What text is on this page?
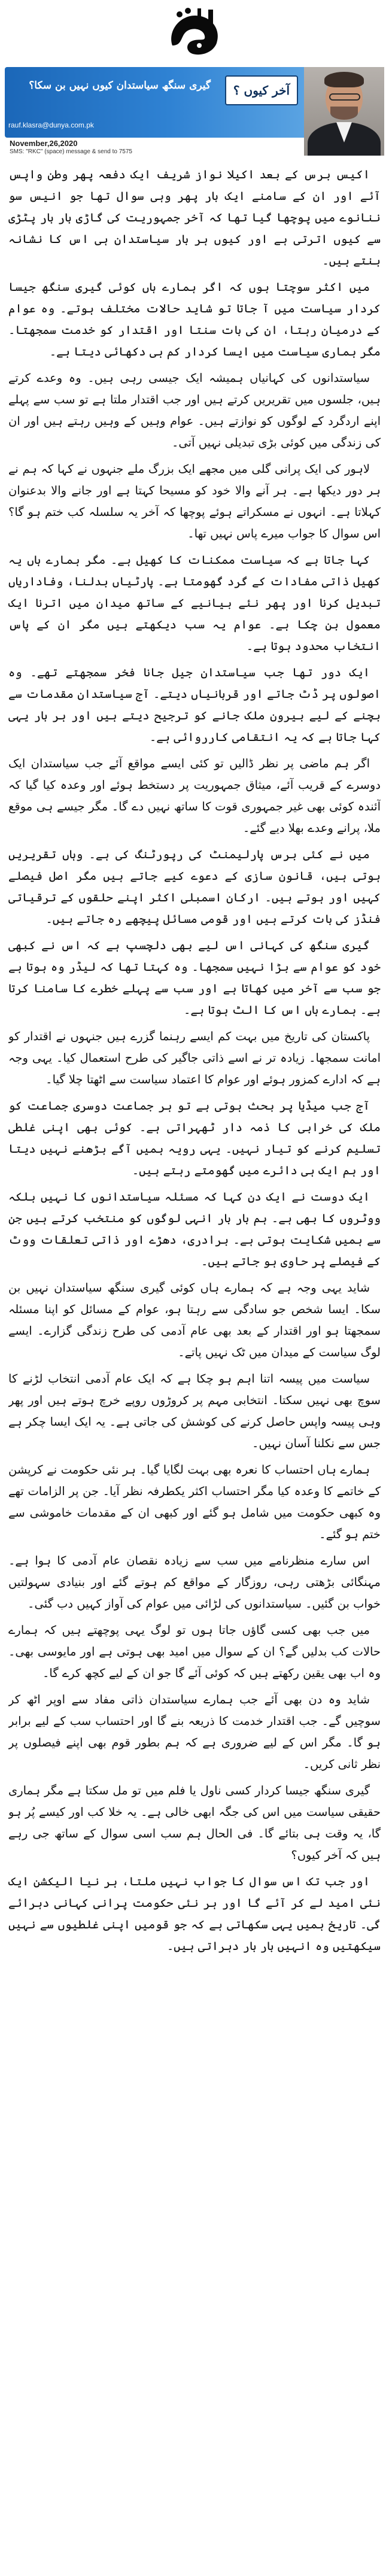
آخر کیوں ؟
گیری سنگھ سیاستدان کیوں نہیں بن سکا؟
rauf.klasra@dunya.com.pk
November,26,2020
SMS: "RKC" (space) message & send to 7575

اکیس برس کے بعد اکیلا نواز شریف ایک دفعہ پھر وطن واپس آئے اور ان کے سامنے ایک بار پھر وہی سوال تھا جو انیس سو ننانوے میں پوچھا گیا تھا کہ آخر جمہوریت کی گاڑی بار بار پٹڑی سے کیوں اترتی ہے اور کیوں ہر بار سیاستدان ہی اس کا نشانہ بنتے ہیں۔

میں اکثر سوچتا ہوں کہ اگر ہمارے ہاں کوئی گیری سنگھ جیسا کردار سیاست میں آ جاتا تو شاید حالات مختلف ہوتے۔ وہ عوام کے درمیان رہتا، ان کی بات سنتا اور اقتدار کو خدمت سمجھتا۔ مگر ہماری سیاست میں ایسا کردار کم ہی دکھائی دیتا ہے۔

سیاستدانوں کی کہانیاں ہمیشہ ایک جیسی رہی ہیں۔ وہ وعدے کرتے ہیں، جلسوں میں تقریریں کرتے ہیں اور جب اقتدار ملتا ہے تو سب سے پہلے اپنے اردگرد کے لوگوں کو نوازتے ہیں۔ عوام وہیں کے وہیں رہتے ہیں اور ان کی زندگی میں کوئی بڑی تبدیلی نہیں آتی۔

لاہور کی ایک پرانی گلی میں مجھے ایک بزرگ ملے جنہوں نے کہا کہ ہم نے ہر دور دیکھا ہے۔ ہر آنے والا خود کو مسیحا کہتا ہے اور جانے والا بدعنوان کہلاتا ہے۔ انہوں نے مسکراتے ہوئے پوچھا کہ آخر یہ سلسلہ کب ختم ہو گا؟ اس سوال کا جواب میرے پاس نہیں تھا۔

کہا جاتا ہے کہ سیاست ممکنات کا کھیل ہے۔ مگر ہمارے ہاں یہ کھیل ذاتی مفادات کے گرد گھومتا ہے۔ پارٹیاں بدلنا، وفاداریاں تبدیل کرنا اور پھر نئے بیانیے کے ساتھ میدان میں اترنا ایک معمول بن چکا ہے۔ عوام یہ سب دیکھتے ہیں مگر ان کے پاس انتخاب محدود ہوتا ہے۔

ایک دور تھا جب سیاستدان جیل جانا فخر سمجھتے تھے۔ وہ اصولوں پر ڈٹ جاتے اور قربانیاں دیتے۔ آج سیاستدان مقدمات سے بچنے کے لیے بیرون ملک جانے کو ترجیح دیتے ہیں اور ہر بار یہی کہا جاتا ہے کہ یہ انتقامی کارروائی ہے۔

اگر ہم ماضی پر نظر ڈالیں تو کئی ایسے مواقع آئے جب سیاستدان ایک دوسرے کے قریب آئے، میثاق جمہوریت پر دستخط ہوئے اور وعدہ کیا گیا کہ آئندہ کوئی بھی غیر جمہوری قوت کا ساتھ نہیں دے گا۔ مگر جیسے ہی موقع ملا، پرانے وعدے بھلا دیے گئے۔

میں نے کئی برس پارلیمنٹ کی رپورٹنگ کی ہے۔ وہاں تقریریں ہوتی ہیں، قانون سازی کے دعوے کیے جاتے ہیں مگر اصل فیصلے کہیں اور ہوتے ہیں۔ ارکان اسمبلی اکثر اپنے حلقوں کے ترقیاتی فنڈز کی بات کرتے ہیں اور قومی مسائل پیچھے رہ جاتے ہیں۔

گیری سنگھ کی کہانی اس لیے بھی دلچسپ ہے کہ اس نے کبھی خود کو عوام سے بڑا نہیں سمجھا۔ وہ کہتا تھا کہ لیڈر وہ ہوتا ہے جو سب سے آخر میں کھاتا ہے اور سب سے پہلے خطرے کا سامنا کرتا ہے۔ ہمارے ہاں اس کا الٹ ہوتا ہے۔

پاکستان کی تاریخ میں بہت کم ایسے رہنما گزرے ہیں جنہوں نے اقتدار کو امانت سمجھا۔ زیادہ تر نے اسے ذاتی جاگیر کی طرح استعمال کیا۔ یہی وجہ ہے کہ ادارے کمزور ہوئے اور عوام کا اعتماد سیاست سے اٹھتا چلا گیا۔

آج جب میڈیا پر بحث ہوتی ہے تو ہر جماعت دوسری جماعت کو ملک کی خرابی کا ذمہ دار ٹھہراتی ہے۔ کوئی بھی اپنی غلطی تسلیم کرنے کو تیار نہیں۔ یہی رویہ ہمیں آگے بڑھنے نہیں دیتا اور ہم ایک ہی دائرے میں گھومتے رہتے ہیں۔

ایک دوست نے ایک دن کہا کہ مسئلہ سیاستدانوں کا نہیں بلکہ ووٹروں کا بھی ہے۔ ہم بار بار انہی لوگوں کو منتخب کرتے ہیں جن سے ہمیں شکایت ہوتی ہے۔ برادری، دھڑے اور ذاتی تعلقات ووٹ کے فیصلے پر حاوی ہو جاتے ہیں۔

شاید یہی وجہ ہے کہ ہمارے ہاں کوئی گیری سنگھ سیاستدان نہیں بن سکا۔ ایسا شخص جو سادگی سے رہتا ہو، عوام کے مسائل کو اپنا مسئلہ سمجھتا ہو اور اقتدار کے بعد بھی عام آدمی کی طرح زندگی گزارے۔ ایسے لوگ سیاست کے میدان میں ٹک نہیں پاتے۔

سیاست میں پیسہ اتنا اہم ہو چکا ہے کہ ایک عام آدمی انتخاب لڑنے کا سوچ بھی نہیں سکتا۔ انتخابی مہم پر کروڑوں روپے خرچ ہوتے ہیں اور پھر وہی پیسہ واپس حاصل کرنے کی کوشش کی جاتی ہے۔ یہ ایک ایسا چکر ہے جس سے نکلنا آسان نہیں۔

ہمارے ہاں احتساب کا نعرہ بھی بہت لگایا گیا۔ ہر نئی حکومت نے کرپشن کے خاتمے کا وعدہ کیا مگر احتساب اکثر یکطرفہ نظر آیا۔ جن پر الزامات تھے وہ کبھی حکومت میں شامل ہو گئے اور کبھی ان کے مقدمات خاموشی سے ختم ہو گئے۔

اس سارے منظرنامے میں سب سے زیادہ نقصان عام آدمی کا ہوا ہے۔ مہنگائی بڑھتی رہی، روزگار کے مواقع کم ہوتے گئے اور بنیادی سہولتیں خواب بن گئیں۔ سیاستدانوں کی لڑائی میں عوام کی آواز کہیں دب گئی۔

میں جب بھی کسی گاؤں جاتا ہوں تو لوگ یہی پوچھتے ہیں کہ ہمارے حالات کب بدلیں گے؟ ان کے سوال میں امید بھی ہوتی ہے اور مایوسی بھی۔ وہ اب بھی یقین رکھتے ہیں کہ کوئی آئے گا جو ان کے لیے کچھ کرے گا۔

شاید وہ دن بھی آئے جب ہمارے سیاستدان ذاتی مفاد سے اوپر اٹھ کر سوچیں گے۔ جب اقتدار خدمت کا ذریعہ بنے گا اور احتساب سب کے لیے برابر ہو گا۔ مگر اس کے لیے ضروری ہے کہ ہم بطور قوم بھی اپنے فیصلوں پر نظر ثانی کریں۔

گیری سنگھ جیسا کردار کسی ناول یا فلم میں تو مل سکتا ہے مگر ہماری حقیقی سیاست میں اس کی جگہ ابھی خالی ہے۔ یہ خلا کب اور کیسے پُر ہو گا، یہ وقت ہی بتائے گا۔ فی الحال ہم سب اسی سوال کے ساتھ جی رہے ہیں کہ آخر کیوں؟

اور جب تک اس سوال کا جواب نہیں ملتا، ہر نیا الیکشن ایک نئی امید لے کر آئے گا اور ہر نئی حکومت پرانی کہانی دہرائے گی۔ تاریخ ہمیں یہی سکھاتی ہے کہ جو قومیں اپنی غلطیوں سے نہیں سیکھتیں وہ انہیں بار بار دہراتی ہیں۔
